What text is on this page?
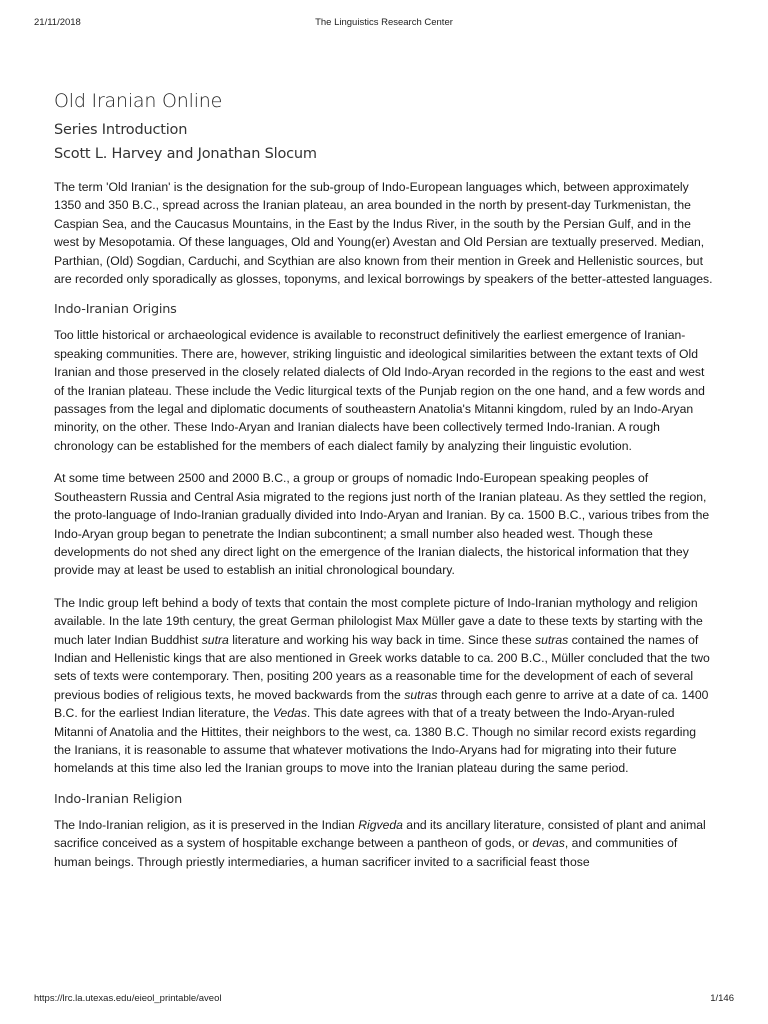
21/11/2018	The Linguistics Research Center
Old Iranian Online
Series Introduction
Scott L. Harvey and Jonathan Slocum

The term 'Old Iranian' is the designation for the sub-group of Indo-European languages which, between approximately 1350 and 350 B.C., spread across the Iranian plateau, an area bounded in the north by present-day Turkmenistan, the Caspian Sea, and the Caucasus Mountains, in the East by the Indus River, in the south by the Persian Gulf, and in the west by Mesopotamia. Of these languages, Old and Young(er) Avestan and Old Persian are textually preserved. Median, Parthian, (Old) Sogdian, Carduchi, and Scythian are also known from their mention in Greek and Hellenistic sources, but are recorded only sporadically as glosses, toponyms, and lexical borrowings by speakers of the better-attested languages.

Indo-Iranian Origins

Too little historical or archaeological evidence is available to reconstruct definitively the earliest emergence of Iranian-speaking communities. There are, however, striking linguistic and ideological similarities between the extant texts of Old Iranian and those preserved in the closely related dialects of Old Indo-Aryan recorded in the regions to the east and west of the Iranian plateau. These include the Vedic liturgical texts of the Punjab region on the one hand, and a few words and passages from the legal and diplomatic documents of southeastern Anatolia's Mitanni kingdom, ruled by an Indo-Aryan minority, on the other. These Indo-Aryan and Iranian dialects have been collectively termed Indo-Iranian. A rough chronology can be established for the members of each dialect family by analyzing their linguistic evolution.

At some time between 2500 and 2000 B.C., a group or groups of nomadic Indo-European speaking peoples of Southeastern Russia and Central Asia migrated to the regions just north of the Iranian plateau. As they settled the region, the proto-language of Indo-Iranian gradually divided into Indo-Aryan and Iranian. By ca. 1500 B.C., various tribes from the Indo-Aryan group began to penetrate the Indian subcontinent; a small number also headed west. Though these developments do not shed any direct light on the emergence of the Iranian dialects, the historical information that they provide may at least be used to establish an initial chronological boundary.

The Indic group left behind a body of texts that contain the most complete picture of Indo-Iranian mythology and religion available. In the late 19th century, the great German philologist Max Müller gave a date to these texts by starting with the much later Indian Buddhist sutra literature and working his way back in time. Since these sutras contained the names of Indian and Hellenistic kings that are also mentioned in Greek works datable to ca. 200 B.C., Müller concluded that the two sets of texts were contemporary. Then, positing 200 years as a reasonable time for the development of each of several previous bodies of religious texts, he moved backwards from the sutras through each genre to arrive at a date of ca. 1400 B.C. for the earliest Indian literature, the Vedas. This date agrees with that of a treaty between the Indo-Aryan-ruled Mitanni of Anatolia and the Hittites, their neighbors to the west, ca. 1380 B.C. Though no similar record exists regarding the Iranians, it is reasonable to assume that whatever motivations the Indo-Aryans had for migrating into their future homelands at this time also led the Iranian groups to move into the Iranian plateau during the same period.

Indo-Iranian Religion

The Indo-Iranian religion, as it is preserved in the Indian Rigveda and its ancillary literature, consisted of plant and animal sacrifice conceived as a system of hospitable exchange between a pantheon of gods, or devas, and communities of human beings. Through priestly intermediaries, a human sacrificer invited to a sacrificial feast those

https://lrc.la.utexas.edu/eieol_printable/aveol	1/146
